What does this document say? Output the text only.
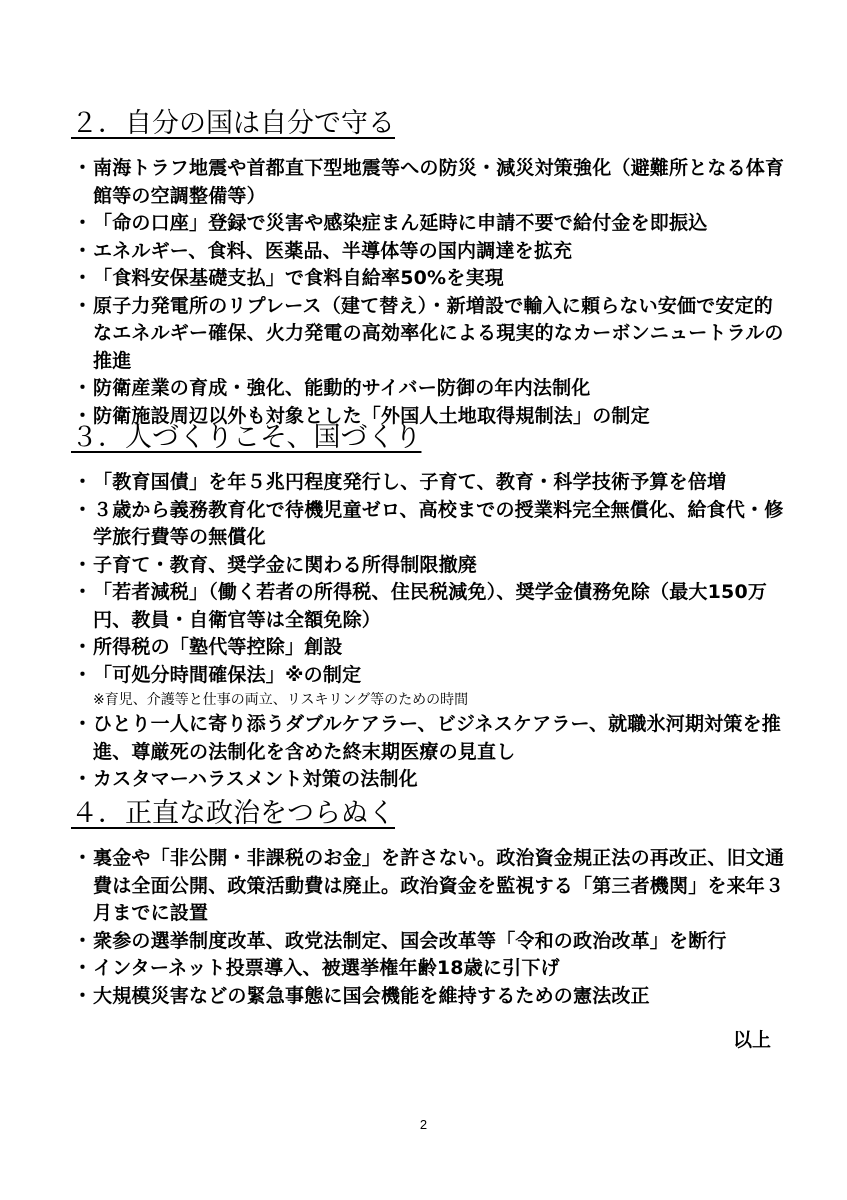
２．自分の国は自分で守る
・ 南海トラフ地震や首都直下型地震等への防災・減災対策強化（避難所となる体育館等の空調整備等）
・ 「命の口座」登録で災害や感染症まん延時に申請不要で給付金を即振込
・ エネルギー、食料、医薬品、半導体等の国内調達を拡充
・ 「食料安保基礎支払」で食料自給率50%を実現
・ 原子力発電所のリプレース（建て替え）・新増設で輸入に頼らない安価で安定的なエネルギー確保、火力発電の高効率化による現実的なカーボンニュートラルの推進
・ 防衛産業の育成・強化、能動的サイバー防御の年内法制化
・ 防衛施設周辺以外も対象とした「外国人土地取得規制法」の制定
３．人づくりこそ、国づくり
・ 「教育国債」を年５兆円程度発行し、子育て、教育・科学技術予算を倍増
・ ３歳から義務教育化で待機児童ゼロ、高校までの授業料完全無償化、給食代・修学旅行費等の無償化
・ 子育て・教育、奨学金に関わる所得制限撤廃
・ 「若者減税」（働く若者の所得税、住民税減免）、奨学金債務免除（最大150万円、教員・自衛官等は全額免除）
・ 所得税の「塾代等控除」創設
・ 「可処分時間確保法」※の制定
※育児、介護等と仕事の両立、リスキリング等のための時間
・ ひとり一人に寄り添うダブルケアラー、ビジネスケアラー、就職氷河期対策を推進、尊厳死の法制化を含めた終末期医療の見直し
・ カスタマーハラスメント対策の法制化
４．正直な政治をつらぬく
・ 裏金や「非公開・非課税のお金」を許さない。政治資金規正法の再改正、旧文通費は全面公開、政策活動費は廃止。政治資金を監視する「第三者機関」を来年３月までに設置
・ 衆参の選挙制度改革、政党法制定、国会改革等「令和の政治改革」を断行
・ インターネット投票導入、被選挙権年齢18歳に引下げ
・ 大規模災害などの緊急事態に国会機能を維持するための憲法改正
以上
2
